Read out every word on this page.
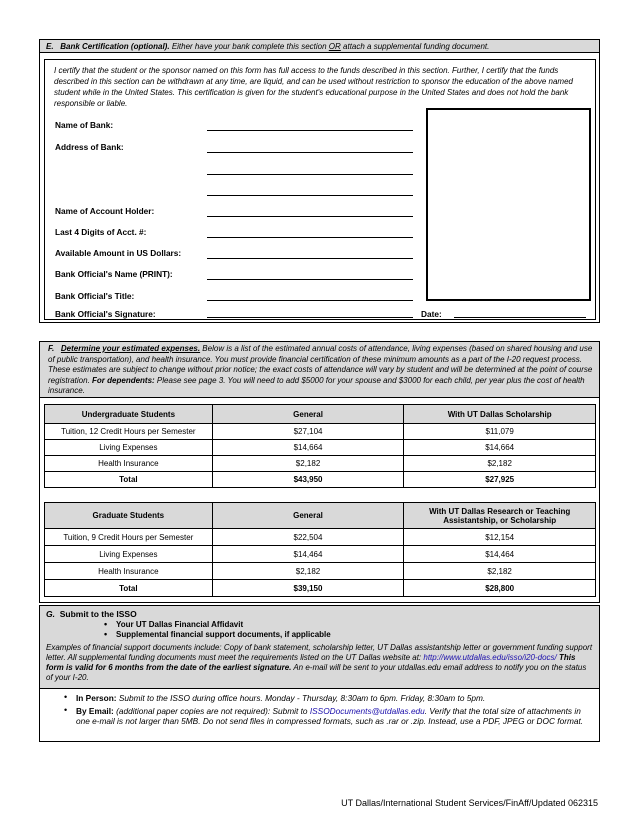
E. Bank Certification (optional). Either have your bank complete this section OR attach a supplemental funding document.
I certify that the student or the sponsor named on this form has full access to the funds described in this section. Further, I certify that the funds described in this section can be withdrawn at any time, are liquid, and can be used without restriction to sponsor the education of the above named student while in the United States. This certification is given for the student's educational purpose in the United States and does not hold the bank responsible or liable.
Name of Bank:
Address of Bank:
Name of Account Holder:
Last 4 Digits of Acct. #:
Available Amount in US Dollars:
Bank Official's Name (PRINT):
Bank Official's Title:
Bank Official's Signature:	Date:
F. Determine your estimated expenses. Below is a list of the estimated annual costs of attendance, living expenses (based on shared housing and use of public transportation), and health insurance. You must provide financial certification of these minimum amounts as a part of the I-20 request process. These estimates are subject to change without prior notice; the exact costs of attendance will vary by student and will be determined at the point of course registration. For dependents: Please see page 3. You will need to add $5000 for your spouse and $3000 for each child, per year plus the cost of health insurance.
Undergraduate Students	General	With UT Dallas Scholarship
Tuition, 12 Credit Hours per Semester	$27,104	$11,079
Living Expenses	$14,664	$14,664
Health Insurance	$2,182	$2,182
Total	$43,950	$27,925
Graduate Students	General	With UT Dallas Research or Teaching Assistantship, or Scholarship
Tuition, 9 Credit Hours per Semester	$22,504	$12,154
Living Expenses	$14,464	$14,464
Health Insurance	$2,182	$2,182
Total	$39,150	$28,800
G. Submit to the ISSO
• Your UT Dallas Financial Affidavit
• Supplemental financial support documents, if applicable
Examples of financial support documents include: Copy of bank statement, scholarship letter, UT Dallas assistantship letter or government funding support letter. All supplemental funding documents must meet the requirements listed on the UT Dallas website at: http://www.utdallas.edu/isso/i20-docs/ This form is valid for 6 months from the date of the earliest signature. An e-mail will be sent to your utdallas.edu email address to notify you on the status of your I-20.
• In Person: Submit to the ISSO during office hours. Monday - Thursday, 8:30am to 6pm. Friday, 8:30am to 5pm.
• By Email: (additional paper copies are not required): Submit to ISSODocuments@utdallas.edu. Verify that the total size of attachments in one e-mail is not larger than 5MB. Do not send files in compressed formats, such as .rar or .zip. Instead, use a PDF, JPEG or DOC format.
UT Dallas/International Student Services/FinAff/Updated 062315
